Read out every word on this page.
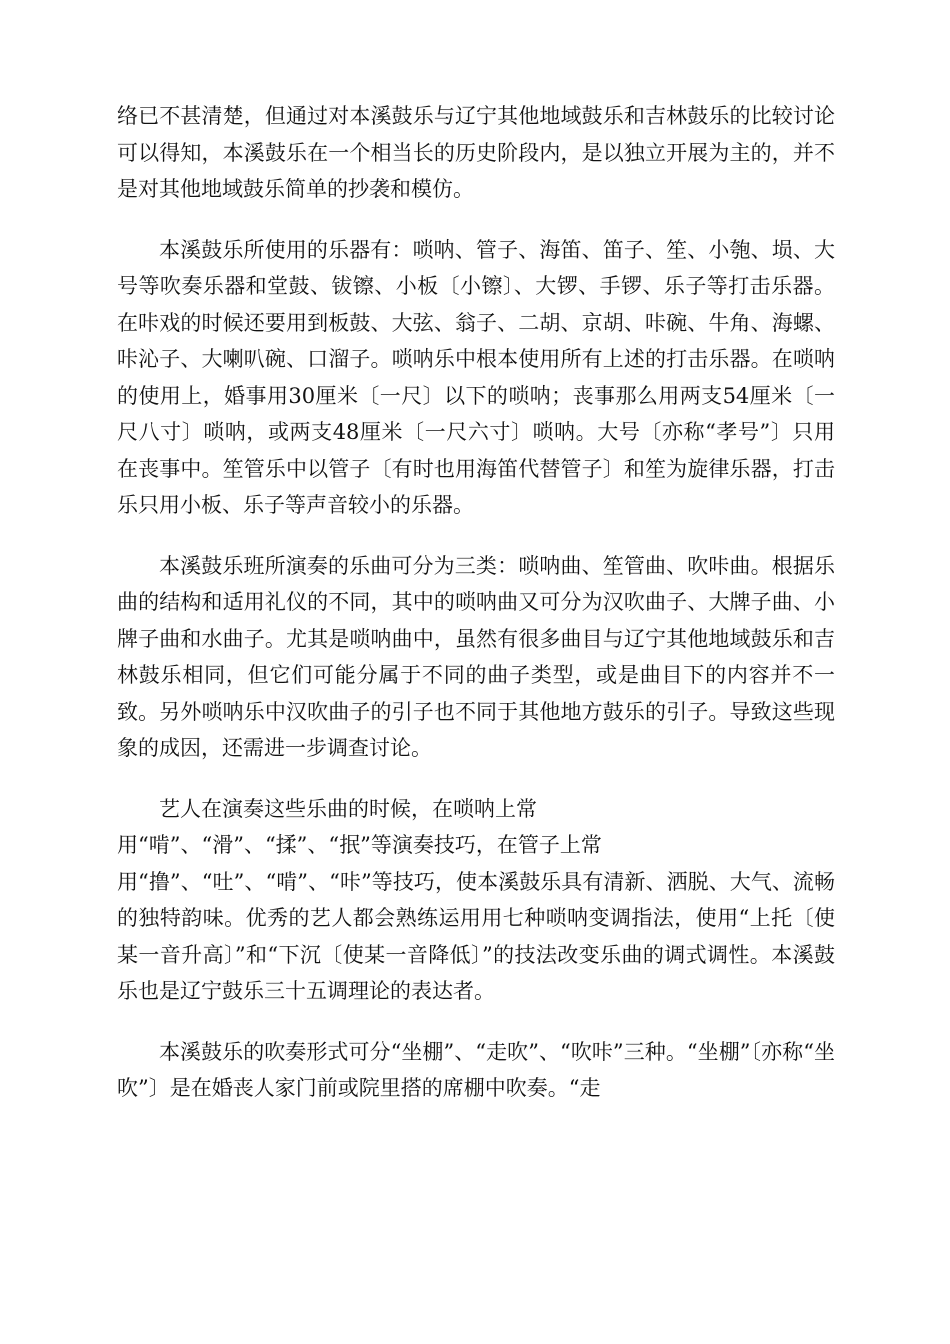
络已不甚清楚，但通过对本溪鼓乐与辽宁其他地域鼓乐和吉林鼓乐的比较讨论可以得知，本溪鼓乐在一个相当长的历史阶段内，是以独立开展为主的，并不是对其他地域鼓乐简单的抄袭和模仿。

本溪鼓乐所使用的乐器有：唢呐、管子、海笛、笛子、笙、小匏、埙、大号等吹奏乐器和堂鼓、钹镲、小板〔小镲〕、大锣、手锣、乐子等打击乐器。在咔戏的时候还要用到板鼓、大弦、翁子、二胡、京胡、咔碗、牛角、海螺、咔沁子、大喇叭碗、口溜子。唢呐乐中根本使用所有上述的打击乐器。在唢呐的使用上，婚事用30厘米〔一尺〕以下的唢呐；丧事那么用两支54厘米〔一尺八寸〕唢呐，或两支48厘米〔一尺六寸〕唢呐。大号〔亦称“孝号”〕只用在丧事中。笙管乐中以管子〔有时也用海笛代替管子〕和笙为旋律乐器，打击乐只用小板、乐子等声音较小的乐器。

本溪鼓乐班所演奏的乐曲可分为三类：唢呐曲、笙管曲、吹咔曲。根据乐曲的结构和适用礼仪的不同，其中的唢呐曲又可分为汉吹曲子、大牌子曲、小牌子曲和水曲子。尤其是唢呐曲中，虽然有很多曲目与辽宁其他地域鼓乐和吉林鼓乐相同，但它们可能分属于不同的曲子类型，或是曲目下的内容并不一致。另外唢呐乐中汉吹曲子的引子也不同于其他地方鼓乐的引子。导致这些现象的成因，还需进一步调查讨论。

艺人在演奏这些乐曲的时候，在唢呐上常
用“啃”、“滑”、“揉”、“抿”等演奏技巧，在管子上常
用“撸”、“吐”、“啃”、“咔”等技巧，使本溪鼓乐具有清新、洒脱、大气、流畅的独特韵味。优秀的艺人都会熟练运用用七种唢呐变调指法，使用“上托〔使某一音升高〕”和“下沉〔使某一音降低〕”的技法改变乐曲的调式调性。本溪鼓乐也是辽宁鼓乐三十五调理论的表达者。

本溪鼓乐的吹奏形式可分“坐棚”、“走吹”、“吹咔”三种。“坐棚”〔亦称“坐吹”〕是在婚丧人家门前或院里搭的席棚中吹奏。“走
